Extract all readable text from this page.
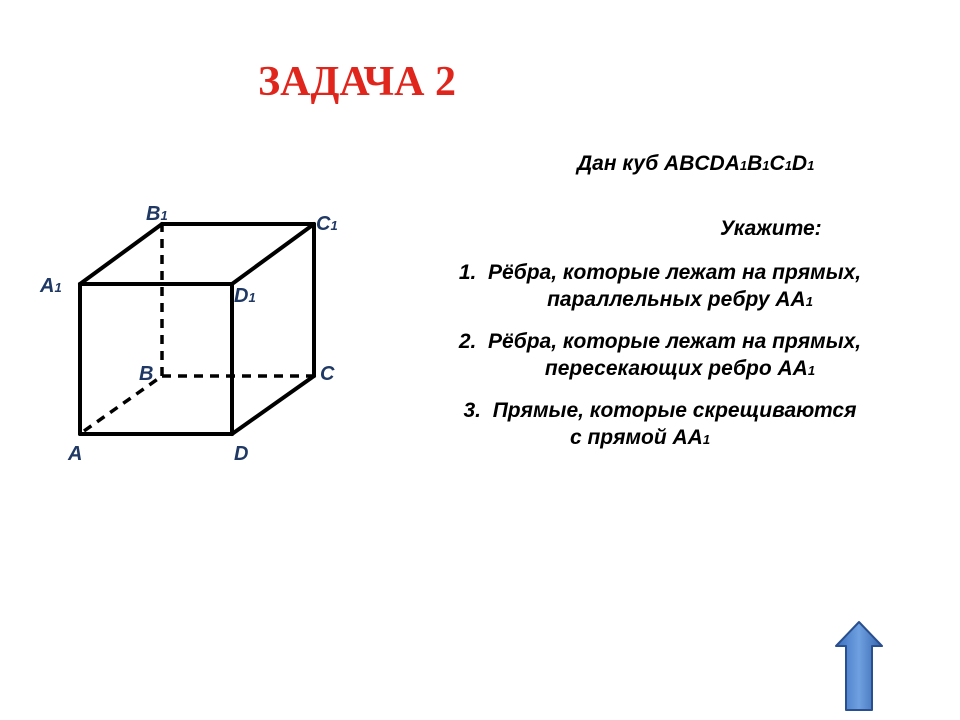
ЗАДАЧА 2
Дан куб ABCDA1B1C1D1
Укажите:
1. Рёбра, которые лежат на прямых,
параллельных ребру AA1
2. Рёбра, которые лежат на прямых,
пересекающих ребро AA1
3. Прямые, которые скрещиваются
с прямой AA1
A	D
B	C
A1	D1
B1	C1
